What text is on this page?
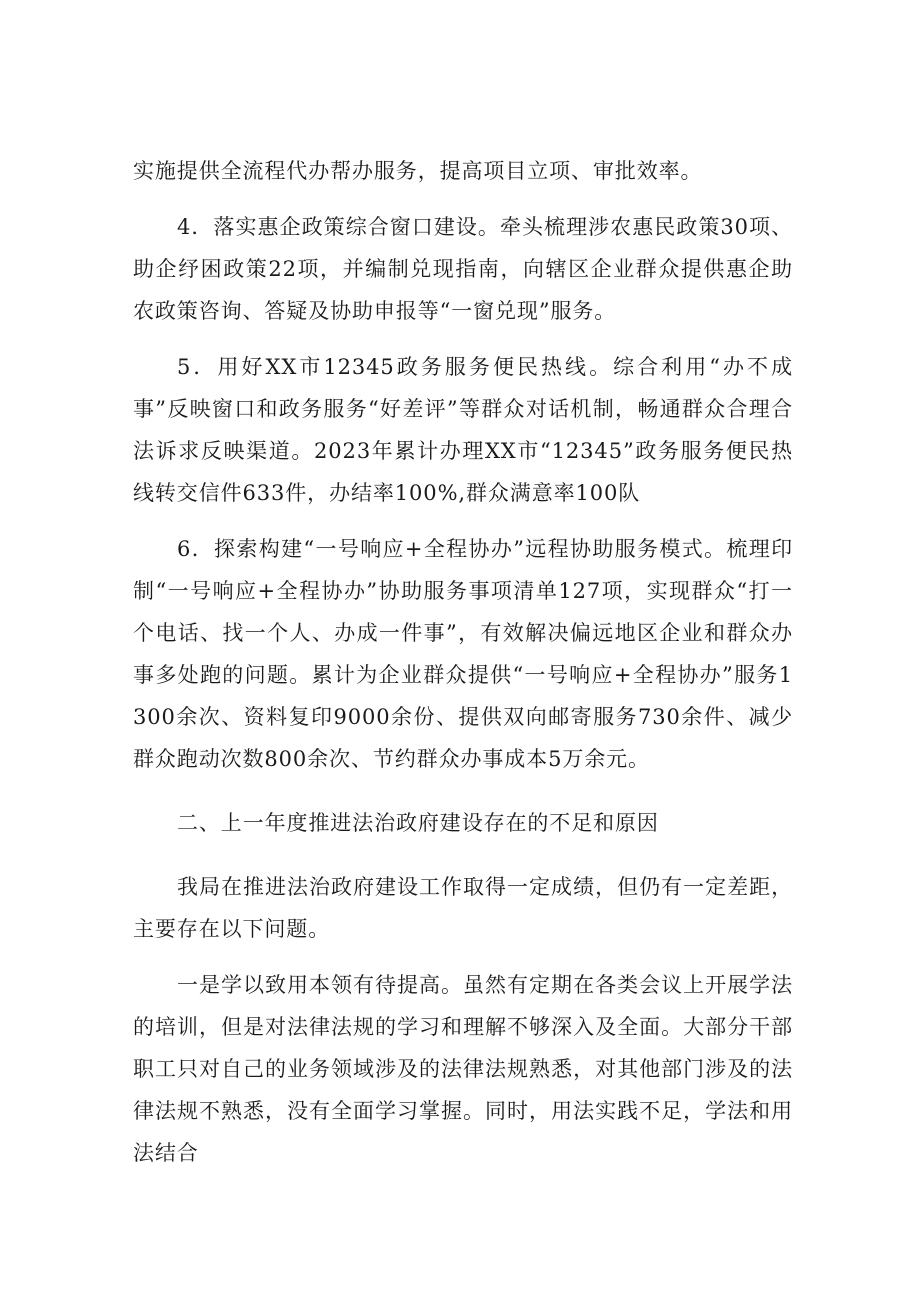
实施提供全流程代办帮办服务，提高项目立项、审批效率。

4．落实惠企政策综合窗口建设。牵头梳理涉农惠民政策30项、助企纾困政策22项，并编制兑现指南，向辖区企业群众提供惠企助农政策咨询、答疑及协助申报等“一窗兑现”服务。

5．用好XX市12345政务服务便民热线。综合利用“办不成事”反映窗口和政务服务“好差评”等群众对话机制，畅通群众合理合法诉求反映渠道。2023年累计办理XX市“12345”政务服务便民热线转交信件633件，办结率100%,群众满意率100队

6．探索构建“一号响应+全程协办”远程协助服务模式。梳理印制“一号响应+全程协办”协助服务事项清单127项，实现群众“打一个电话、找一个人、办成一件事”，有效解决偏远地区企业和群众办事多处跑的问题。累计为企业群众提供“一号响应+全程协办”服务1300余次、资料复印9000余份、提供双向邮寄服务730余件、减少群众跑动次数800余次、节约群众办事成本5万余元。

二、上一年度推进法治政府建设存在的不足和原因

我局在推进法治政府建设工作取得一定成绩，但仍有一定差距，主要存在以下问题。

一是学以致用本领有待提高。虽然有定期在各类会议上开展学法的培训，但是对法律法规的学习和理解不够深入及全面。大部分干部职工只对自己的业务领域涉及的法律法规熟悉，对其他部门涉及的法律法规不熟悉，没有全面学习掌握。同时，用法实践不足，学法和用法结合
